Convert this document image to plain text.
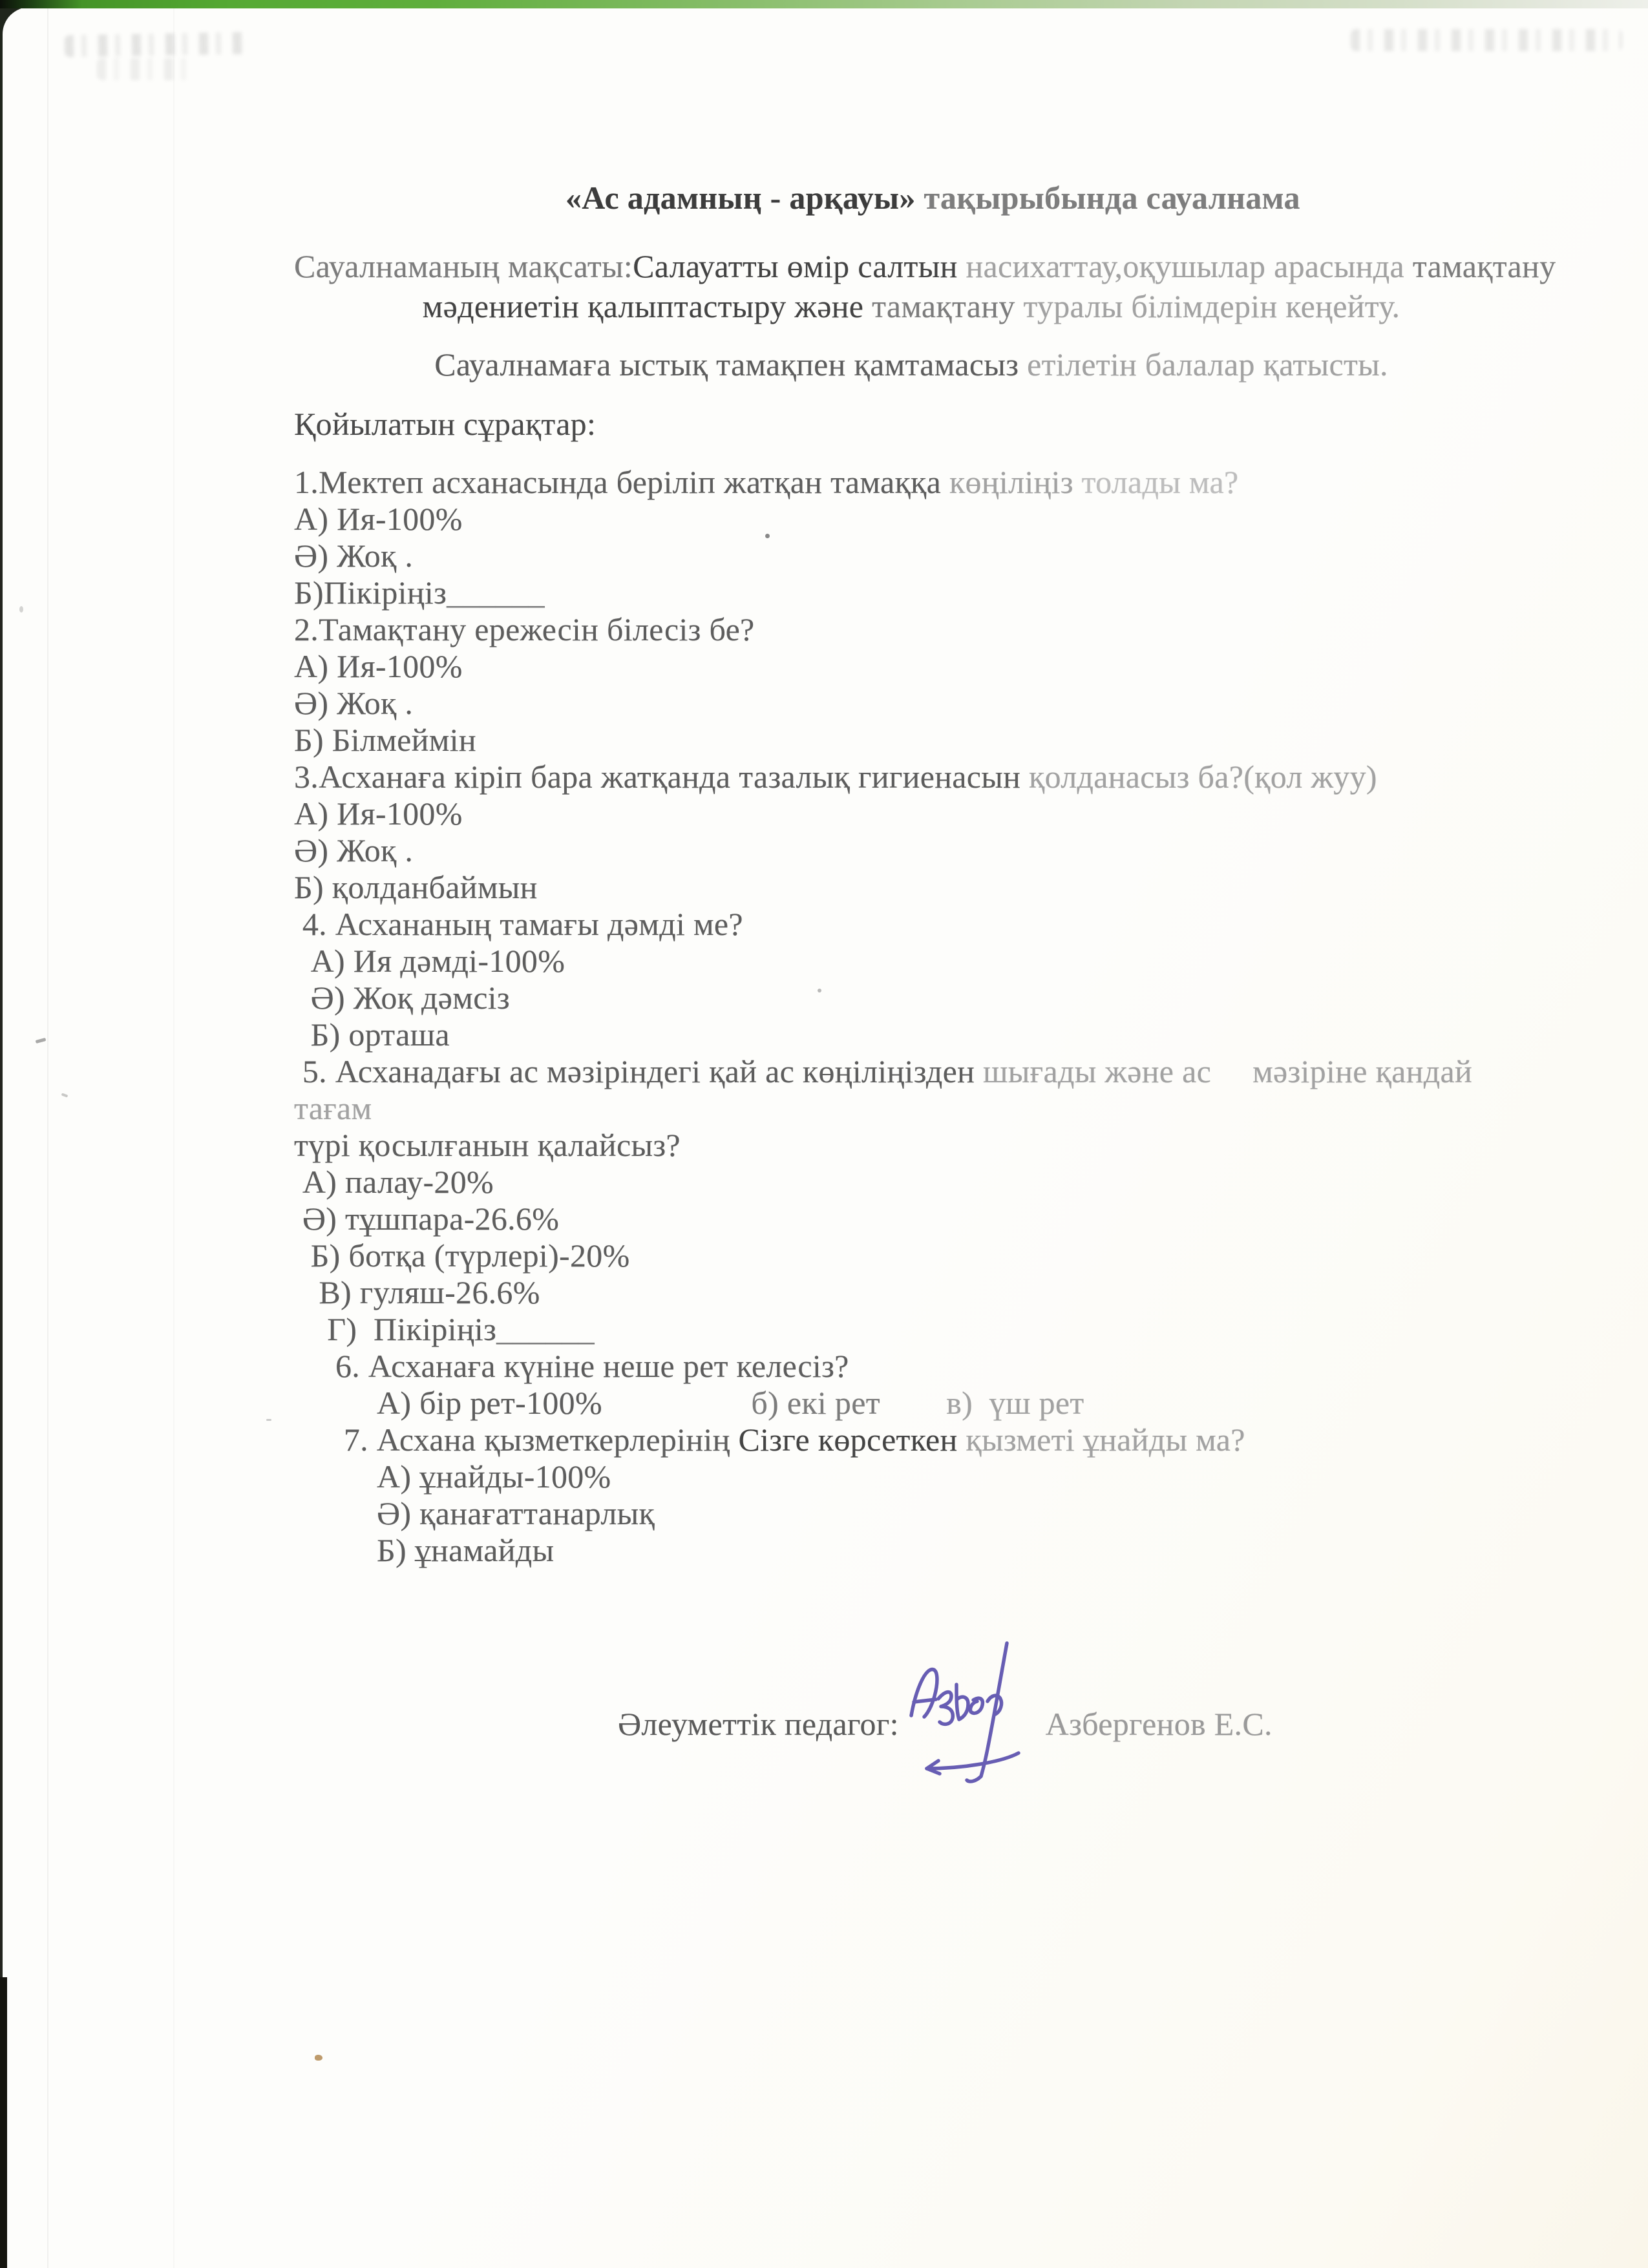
«Ас адамның - арқауы» тақырыбында сауалнама
Сауалнаманың мақсаты:Салауатты өмір салтын насихаттау,оқушылар арасында тамақтану
мәдениетін қалыптастыру және тамақтану туралы білімдерін кеңейту.
Сауалнамаға ыстық тамақпен қамтамасыз етілетін балалар қатысты.
Қойылатын сұрақтар:
1.Мектеп асханасында беріліп жатқан тамаққа көңіліңіз толады ма?
А) Ия-100%
Ә) Жоқ .
Б)Пікіріңіз______
2.Тамақтану ережесін білесіз бе?
А) Ия-100%
Ә) Жоқ .
Б) Білмеймін
3.Асханаға кіріп бара жатқанда тазалық гигиенасын қолданасыз ба?(қол жуу)
А) Ия-100%
Ә) Жоқ .
Б) қолданбаймын
4. Асхананың тамағы дәмді ме?
А) Ия дәмді-100%
Ә) Жоқ дәмсіз
Б) орташа
5. Асханадағы ас мәзіріндегі қай ас көңіліңізден шығады және ас     мәзіріне қандай тағам
түрі қосылғанын қалайсыз?
А) палау-20%
Ә) тұшпара-26.6%
Б) ботқа (түрлері)-20%
В) гуляш-26.6%
Г)  Пікіріңіз______
6. Асханаға күніне неше рет келесіз?
А) бір рет-100%                  б) екі рет        в)  үш рет
7. Асхана қызметкерлерінің Сізге көрсеткен қызметі ұнайды ма?
А) ұнайды-100%
Ә) қанағаттанарлық
Б) ұнамайды
Әлеуметтік педагог:	Азбергенов Е.С.
